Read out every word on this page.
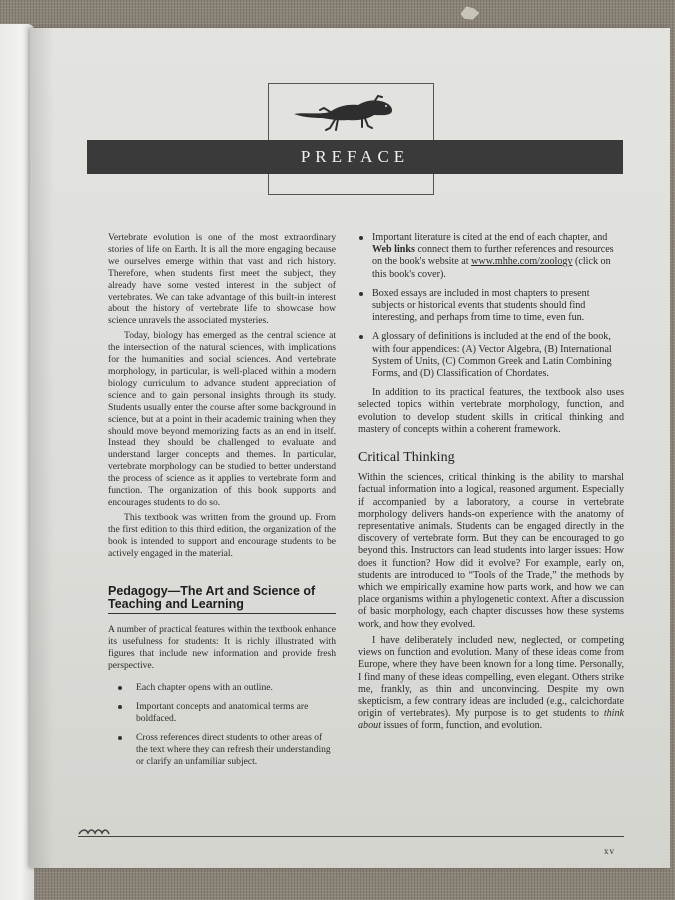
PREFACE

Vertebrate evolution is one of the most extraordinary stories of life on Earth. It is all the more engaging because we ourselves emerge within that vast and rich history. Therefore, when students first meet the subject, they already have some vested interest in the subject of vertebrates. We can take advantage of this built-in interest about the history of vertebrate life to showcase how science unravels the associated mysteries.

Today, biology has emerged as the central science at the intersection of the natural sciences, with implications for the humanities and social sciences. And vertebrate morphology, in particular, is well-placed within a modern biology curriculum to advance student appreciation of science and to gain personal insights through its study. Students usually enter the course after some background in science, but at a point in their academic training when they should move beyond memorizing facts as an end in itself. Instead they should be challenged to evaluate and understand larger concepts and themes. In particular, vertebrate morphology can be studied to better understand the process of science as it applies to vertebrate form and function. The organization of this book supports and encourages students to do so.

This textbook was written from the ground up. From the first edition to this third edition, the organization of the book is intended to support and encourage students to be actively engaged in the material.

Pedagogy—The Art and Science of
Teaching and Learning

A number of practical features within the textbook enhance its usefulness for students: It is richly illustrated with figures that include new information and provide fresh perspective.

Each chapter opens with an outline.
Important concepts and anatomical terms are boldfaced.
Cross references direct students to other areas of the text where they can refresh their understanding or clarify an unfamiliar subject.
Important literature is cited at the end of each chapter, and Web links connect them to further references and resources on the book's website at www.mhhe.com/zoology (click on this book's cover).
Boxed essays are included in most chapters to present subjects or historical events that students should find interesting, and perhaps from time to time, even fun.
A glossary of definitions is included at the end of the book, with four appendices: (A) Vector Algebra, (B) International System of Units, (C) Common Greek and Latin Combining Forms, and (D) Classification of Chordates.

In addition to its practical features, the textbook also uses selected topics within vertebrate morphology, function, and evolution to develop student skills in critical thinking and mastery of concepts within a coherent framework.

Critical Thinking

Within the sciences, critical thinking is the ability to marshal factual information into a logical, reasoned argument. Especially if accompanied by a laboratory, a course in vertebrate morphology delivers hands-on experience with the anatomy of representative animals. Students can be engaged directly in the discovery of vertebrate form. But they can be encouraged to go beyond this. Instructors can lead students into larger issues: How does it function? How did it evolve? For example, early on, students are introduced to “Tools of the Trade,” the methods by which we empirically examine how parts work, and how we can place organisms within a phylogenetic context. After a discussion of basic morphology, each chapter discusses how these systems work, and how they evolved.

I have deliberately included new, neglected, or competing views on function and evolution. Many of these ideas come from Europe, where they have been known for a long time. Personally, I find many of these ideas compelling, even elegant. Others strike me, frankly, as thin and unconvincing. Despite my own skepticism, a few contrary ideas are included (e.g., calcichordate origin of vertebrates). My purpose is to get students to think about issues of form, function, and evolution.

xv
